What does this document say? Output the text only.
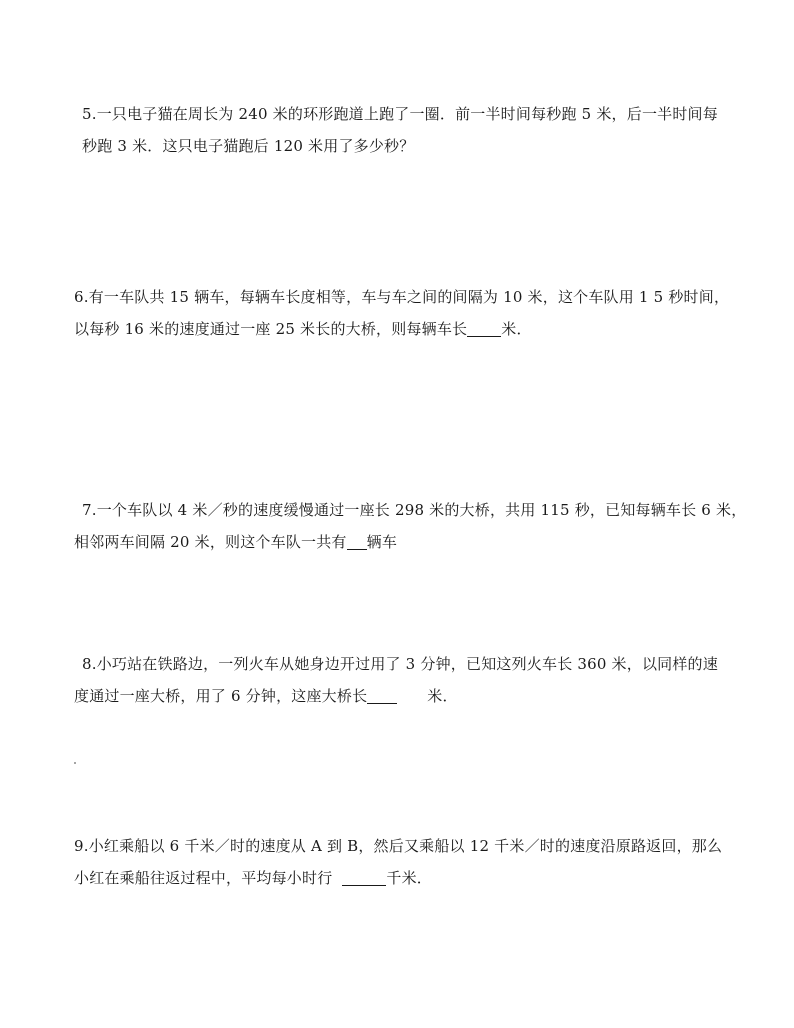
5.一只电子猫在周长为 240 米的环形跑道上跑了一圈．前一半时间每秒跑 5 米，后一半时间每
秒跑 3 米．这只电子猫跑后 120 米用了多少秒？
6.有一车队共 15 辆车，每辆车长度相等，车与车之间的间隔为 10 米，这个车队用 1 5 秒时间，
以每秒 16 米的速度通过一座 25 米长的大桥，则每辆车长 米．
7.一个车队以 4 米／秒的速度缓慢通过一座长 298 米的大桥，共用 115 秒，已知每辆车长 6 米，
相邻两车间隔 20 米，则这个车队一共有 辆车
8.小巧站在铁路边，一列火车从她身边开过用了 3 分钟，已知这列火车长 360 米，以同样的速
度通过一座大桥，用了 6 分钟，这座大桥长	米．
9.小红乘船以 6 千米／时的速度从 A 到 B，然后又乘船以 12 千米／时的速度沿原路返回，那么
小红在乘船往返过程中，平均每小时行	千米．
